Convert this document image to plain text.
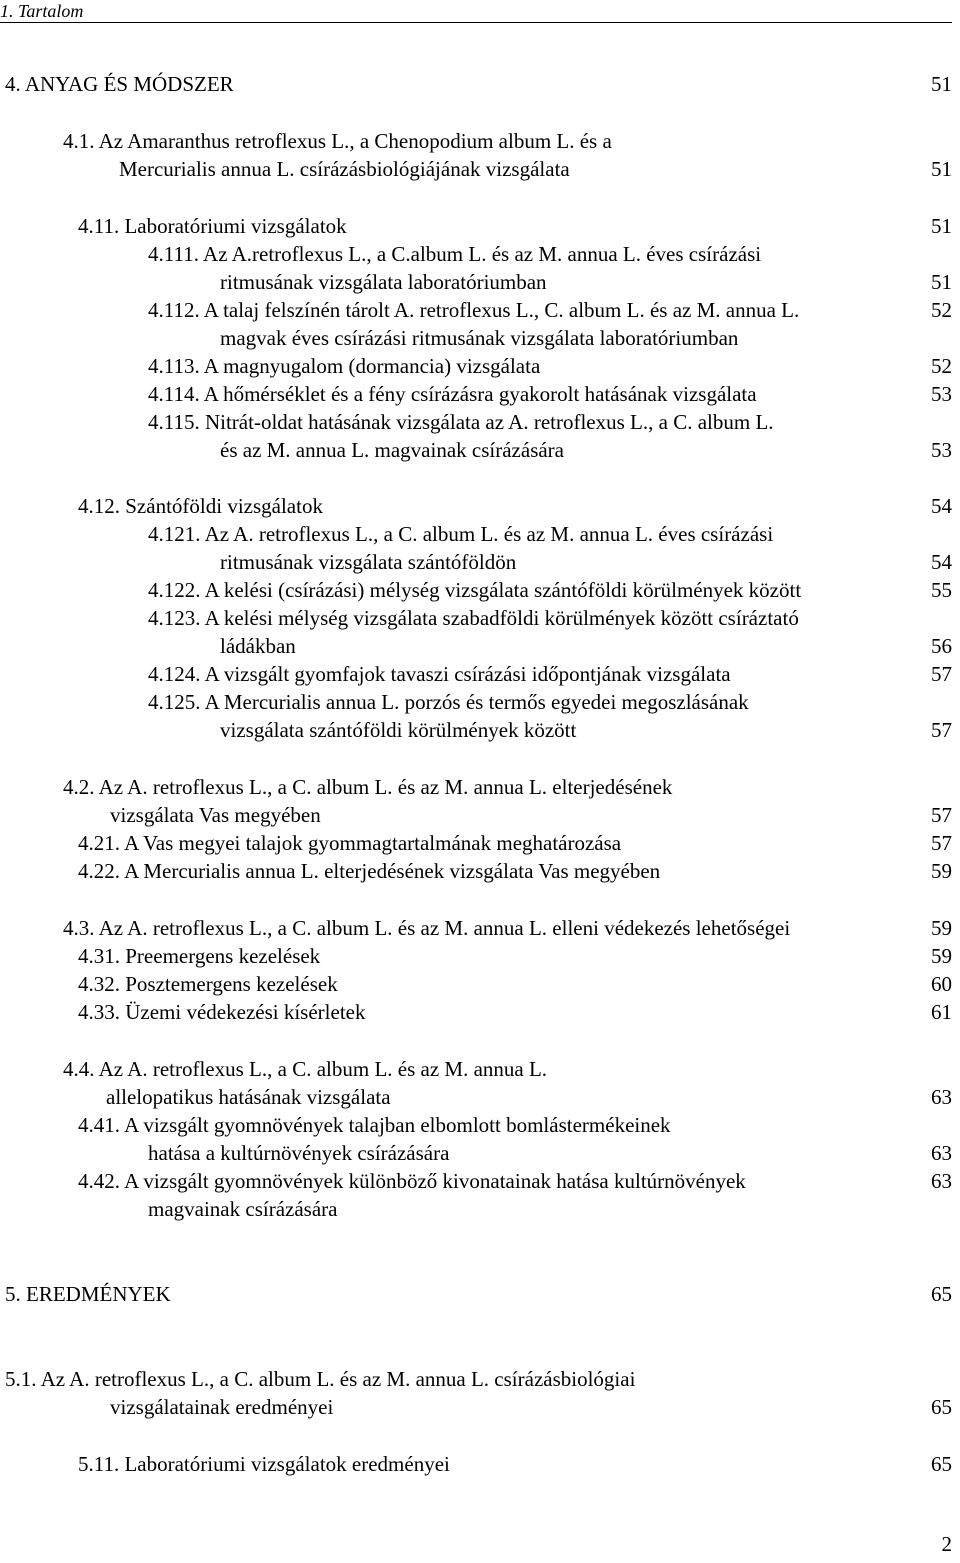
1. Tartalom
4. ANYAG ÉS MÓDSZER	51
4.1. Az Amaranthus retroflexus L., a Chenopodium album L. és a
Mercurialis annua L. csírázásbiológiájának vizsgálata	51
4.11. Laboratóriumi vizsgálatok	51
4.111. Az A.retroflexus L., a C.album L. és az M. annua L. éves csírázási
ritmusának vizsgálata laboratóriumban	51
4.112. A talaj felszínén tárolt A. retroflexus L., C. album L. és az M. annua L.	52
magvak éves csírázási ritmusának vizsgálata laboratóriumban
4.113. A magnyugalom (dormancia) vizsgálata	52
4.114. A hőmérséklet és a fény csírázásra gyakorolt hatásának vizsgálata	53
4.115. Nitrát-oldat hatásának vizsgálata az A. retroflexus L., a C. album L.
és az M. annua L. magvainak csírázására	53
4.12. Szántóföldi vizsgálatok	54
4.121. Az A. retroflexus L., a C. album L. és az M. annua L. éves csírázási
ritmusának vizsgálata szántóföldön	54
4.122. A kelési (csírázási) mélység vizsgálata szántóföldi körülmények között	55
4.123. A kelési mélység vizsgálata szabadföldi körülmények között csíráztató
ládákban	56
4.124. A vizsgált gyomfajok tavaszi csírázási időpontjának vizsgálata	57
4.125. A Mercurialis annua L. porzós és termős egyedei megoszlásának
vizsgálata szántóföldi körülmények között	57
4.2. Az A. retroflexus L., a C. album L. és az M. annua L. elterjedésének
vizsgálata Vas megyében	57
4.21. A Vas megyei talajok gyommagtartalmának meghatározása	57
4.22. A Mercurialis annua L. elterjedésének vizsgálata Vas megyében	59
4.3. Az A. retroflexus L., a C. album L. és az M. annua L. elleni védekezés lehetőségei	59
4.31. Preemergens kezelések	59
4.32. Posztemergens kezelések	60
4.33. Üzemi védekezési kísérletek	61
4.4. Az A. retroflexus L., a C. album L. és az M. annua L.
allelopatikus hatásának vizsgálata	63
4.41. A vizsgált gyomnövények talajban elbomlott bomlástermékeinek
hatása a kultúrnövények csírázására	63
4.42. A vizsgált gyomnövények különböző kivonatainak hatása kultúrnövények	63
magvainak csírázására
5. EREDMÉNYEK	65
5.1. Az A. retroflexus L., a C. album L. és az M. annua L. csírázásbiológiai
vizsgálatainak eredményei	65
5.11. Laboratóriumi vizsgálatok eredményei	65
2
